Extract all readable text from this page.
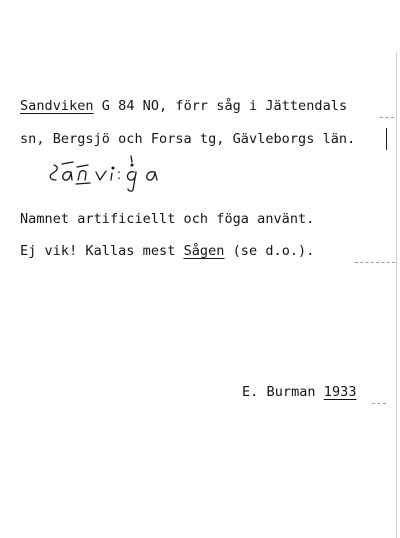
Sandviken G 84 NO, förr såg i Jättendals
sn, Bergsjö och Forsa tg, Gävleborgs län.
Namnet artificiellt och föga använt.
Ej vik! Kallas mest Sågen (se d.o.).
E. Burman 1933
